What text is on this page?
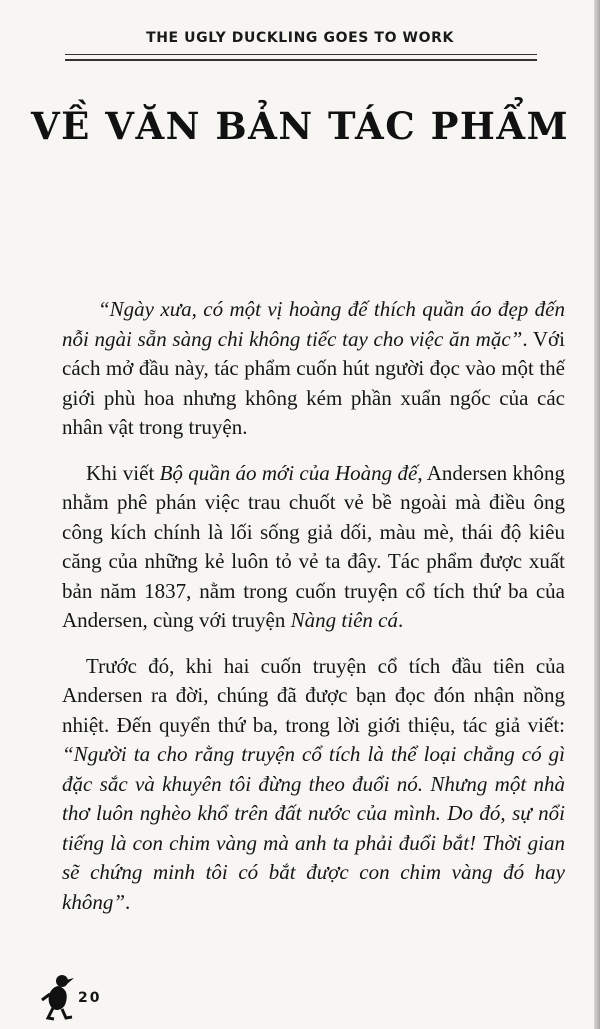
THE UGLY DUCKLING GOES TO WORK
VỀ VĂN BẢN TÁC PHẨM

“Ngày xưa, có một vị hoàng đế thích quần áo đẹp đến nỗi ngài sẵn sàng chi không tiếc tay cho việc ăn mặc”. Với cách mở đầu này, tác phẩm cuốn hút người đọc vào một thế giới phù hoa nhưng không kém phần xuẩn ngốc của các nhân vật trong truyện.

Khi viết Bộ quần áo mới của Hoàng đế, Andersen không nhằm phê phán việc trau chuốt vẻ bề ngoài mà điều ông công kích chính là lối sống giả dối, màu mè, thái độ kiêu căng của những kẻ luôn tỏ vẻ ta đây. Tác phẩm được xuất bản năm 1837, nằm trong cuốn truyện cổ tích thứ ba của Andersen, cùng với truyện Nàng tiên cá.

Trước đó, khi hai cuốn truyện cổ tích đầu tiên của Andersen ra đời, chúng đã được bạn đọc đón nhận nồng nhiệt. Đến quyển thứ ba, trong lời giới thiệu, tác giả viết: “Người ta cho rằng truyện cổ tích là thể loại chẳng có gì đặc sắc và khuyên tôi đừng theo đuổi nó. Nhưng một nhà thơ luôn nghèo khổ trên đất nước của mình. Do đó, sự nổi tiếng là con chim vàng mà anh ta phải đuổi bắt! Thời gian sẽ chứng minh tôi có bắt được con chim vàng đó hay không”.

20
